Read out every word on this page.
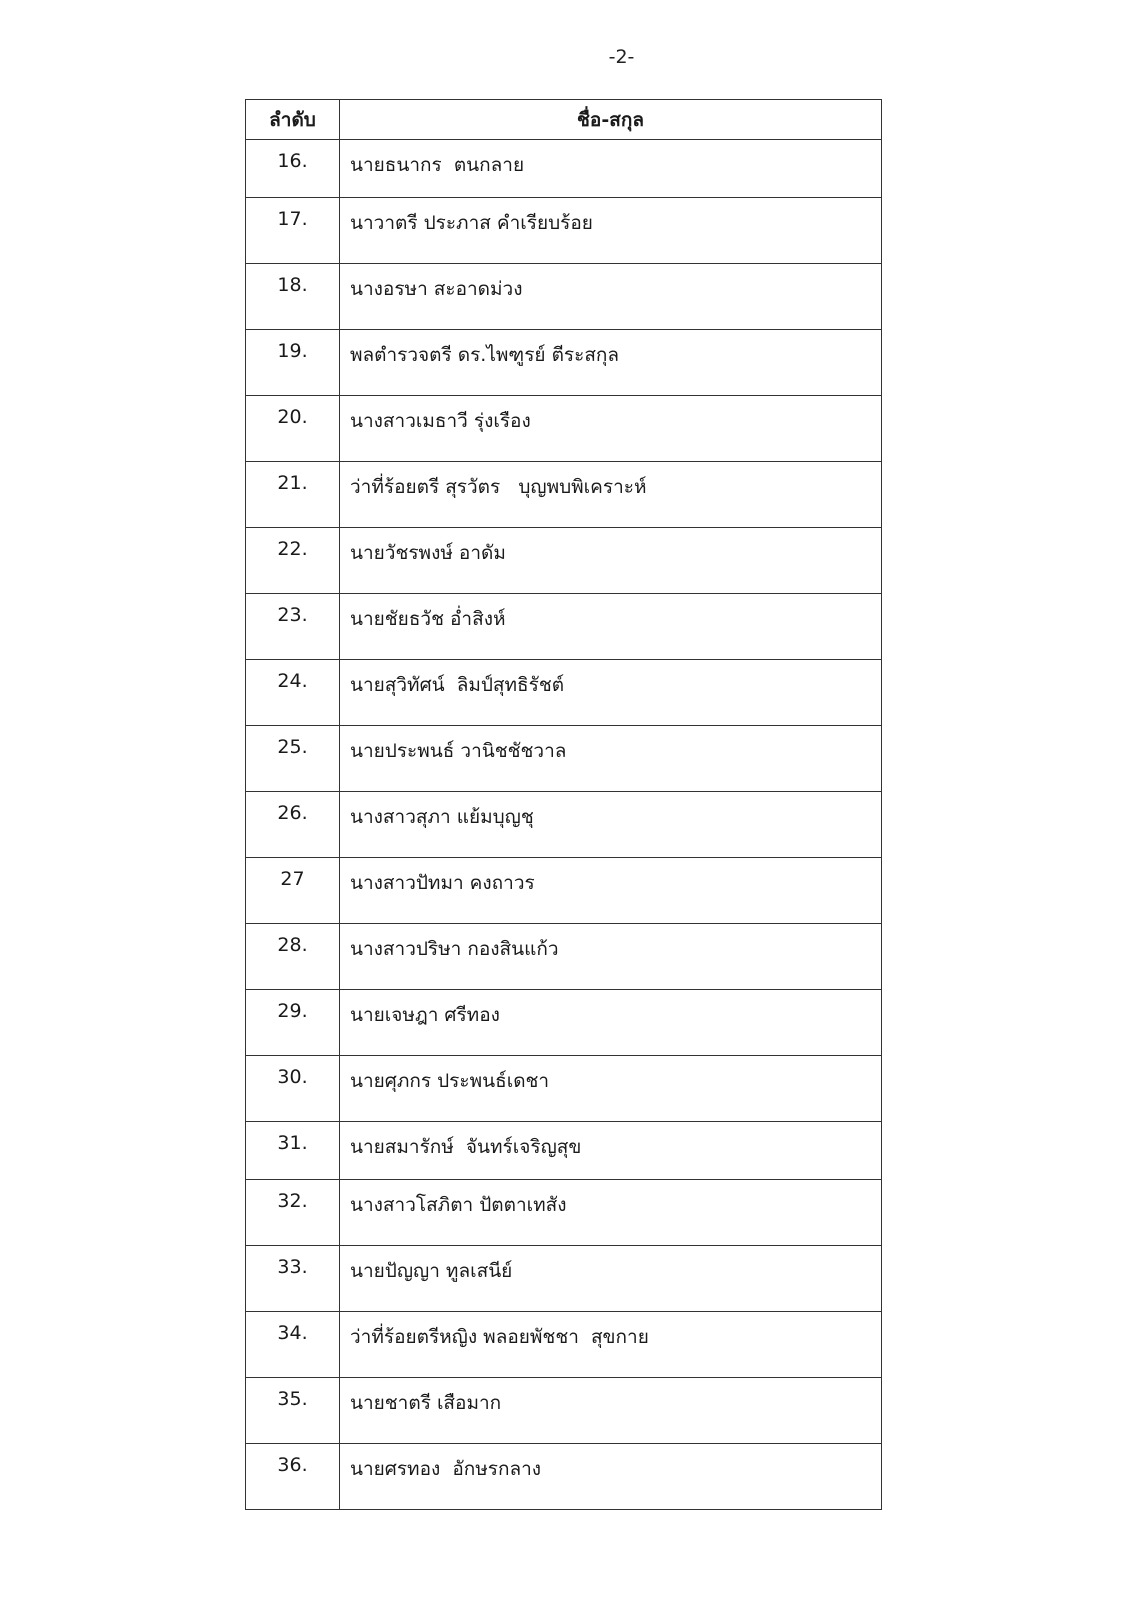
-2-
ลำดับ	ชื่อ-สกุล
16.	นายธนากร  ตนกลาย
17.	นาวาตรี ประภาส คำเรียบร้อย
18.	นางอรษา สะอาดม่วง
19.	พลตำรวจตรี ดร.ไพฑูรย์ ตีระสกุล
20.	นางสาวเมธาวี รุ่งเรือง
21.	ว่าที่ร้อยตรี สุรวัตร   บุญพบพิเคราะห์
22.	นายวัชรพงษ์ อาดัม
23.	นายชัยธวัช อ่ำสิงห์
24.	นายสุวิทัศน์  ลิมป์สุทธิรัชต์
25.	นายประพนธ์ วานิชชัชวาล
26.	นางสาวสุภา แย้มบุญชุ
27	นางสาวปัทมา คงถาวร
28.	นางสาวปริษา กองสินแก้ว
29.	นายเจษฎา ศรีทอง
30.	นายศุภกร ประพนธ์เดชา
31.	นายสมารักษ์  จันทร์เจริญสุข
32.	นางสาวโสภิตา ปัตตาเทสัง
33.	นายปัญญา ทูลเสนีย์
34.	ว่าที่ร้อยตรีหญิง พลอยพัชชา  สุขกาย
35.	นายชาตรี เสือมาก
36.	นายศรทอง  อักษรกลาง
